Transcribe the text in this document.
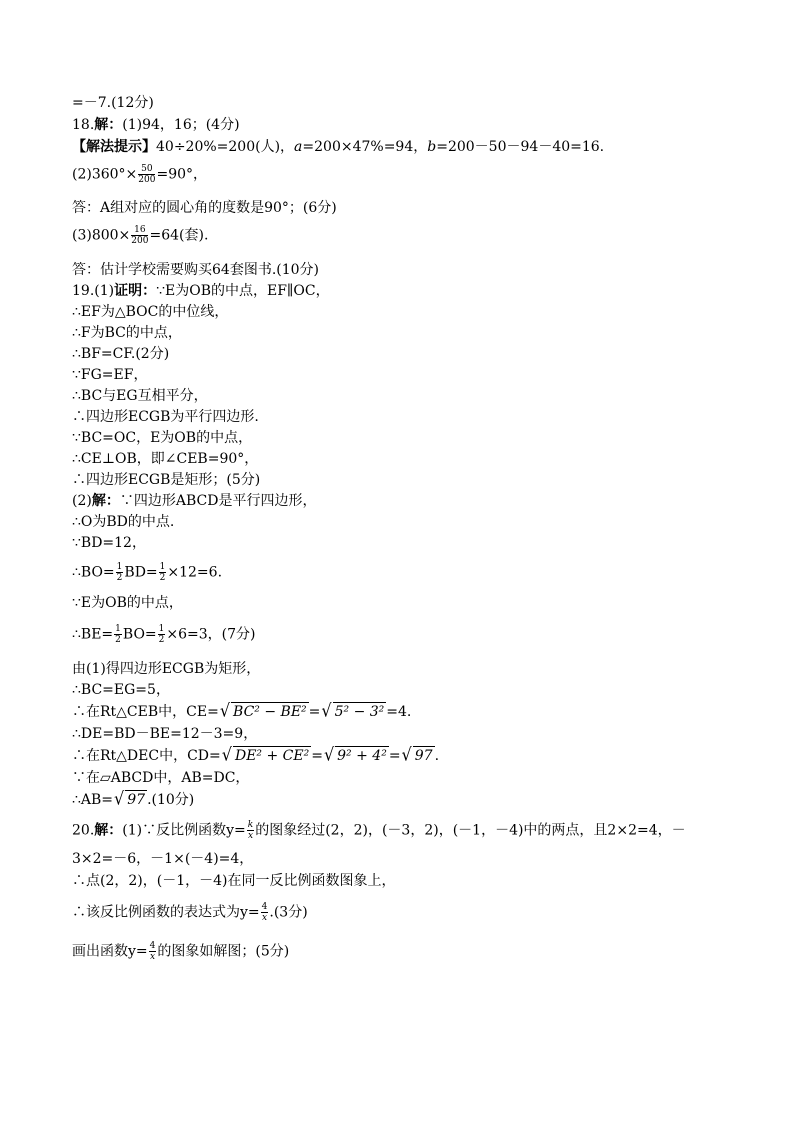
=－7.(12分)
18.解：(1)94，16；(4分)
【解法提示】40÷20%=200(人)，a=200×47%=94，b=200－50－94－40=16.
$(2)360^\circ\times \frac{50}{200} =90^\circ$，
答：A组对应的圆心角的度数是90°；(6分)
$(3)800\times \frac{16}{200} =64$(套).
答：估计学校需要购买64套图书.(10分)
19.(1)证明：∵E为OB的中点，EF∥OC，
∴EF为△BOC的中位线，
∴F为BC的中点，
∴BF=CF.(2分)
∵FG=EF，
∴BC与EG互相平分，
∴四边形ECGB为平行四边形.
∵BC=OC，E为OB的中点，
∴CE⊥OB，即∠CEB=90°，
∴四边形ECGB是矩形；(5分)
(2)解：∵四边形ABCD是平行四边形，
∴O为BD的中点.
∵BD=12，
∴BO= $\frac{1}{2} BD= \frac{1}{2} \times 12=6$.
∵E为OB的中点，
∴BE= $\frac{1}{2} BO= \frac{1}{2} \times 6=3$，(7分)
由(1)得四边形ECGB为矩形，
∴BC=EG=5，
∴在Rt△CEB中，CE=√ BC² − BE² =√ 5² − 3² =4.
∴DE=BD－BE=12－3=9，
∴在Rt△DEC中，CD=√ DE² + CE² =√ 9² + 4² =√ 97 .
∵在▱ABCD中，AB=DC，
∴AB=√ 97 .(10分)
20.解：(1)∵反比例函数$y= \frac{k}{x}$ 的图象经过(2，2)，(－3，2)，(－1，－4)中的两点，且2×2=4，－
3×2=－6，－1×(－4)=4，
∴点(2，2)，(－1，－4)在同一反比例函数图象上，
∴该反比例函数的表达式为$y= \frac{4}{x} .(3$分)
画出函数$y= \frac{4}{x}$ 的图象如解图；(5分)
